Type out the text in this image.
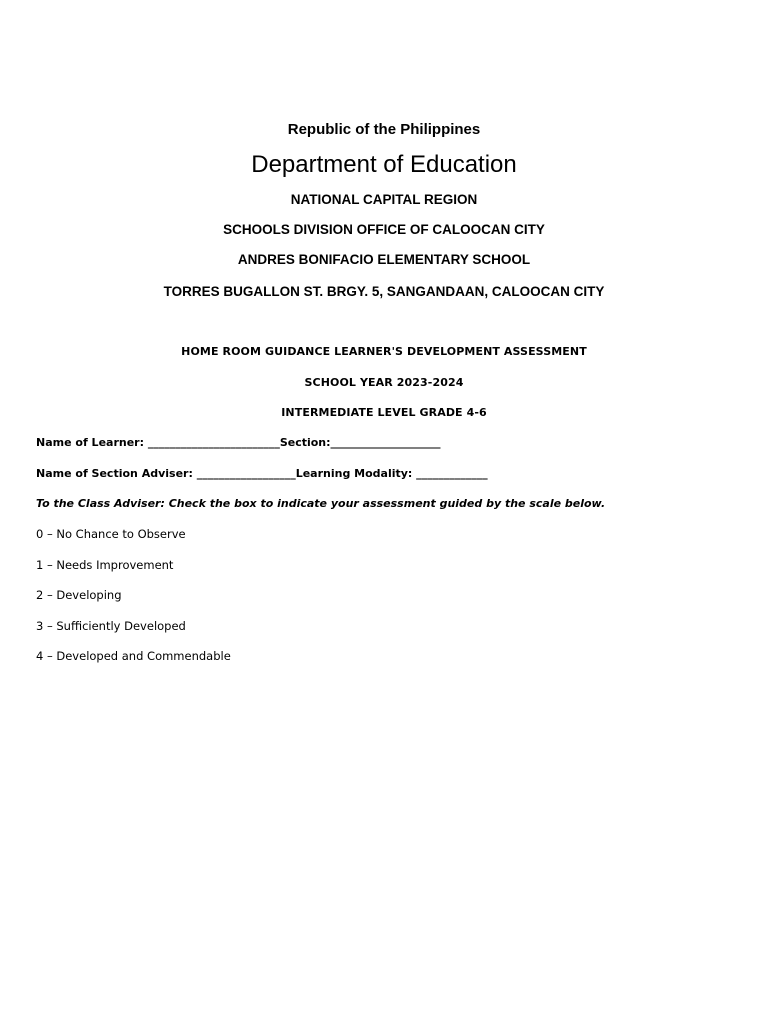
Republic of the Philippines
Department of Education
NATIONAL CAPITAL REGION
SCHOOLS DIVISION OFFICE OF CALOOCAN CITY
ANDRES BONIFACIO ELEMENTARY SCHOOL
TORRES BUGALLON ST. BRGY. 5, SANGANDAAN, CALOOCAN CITY
HOME ROOM GUIDANCE LEARNER'S DEVELOPMENT ASSESSMENT
SCHOOL YEAR 2023-2024
INTERMEDIATE LEVEL GRADE 4-6
Name of Learner: ________________________Section:____________________
Name of Section Adviser: __________________Learning Modality: _____________
To the Class Adviser: Check the box to indicate your assessment guided by the scale below.
0 – No Chance to Observe
1 – Needs Improvement
2 – Developing
3 – Sufficiently Developed
4 – Developed and Commendable
